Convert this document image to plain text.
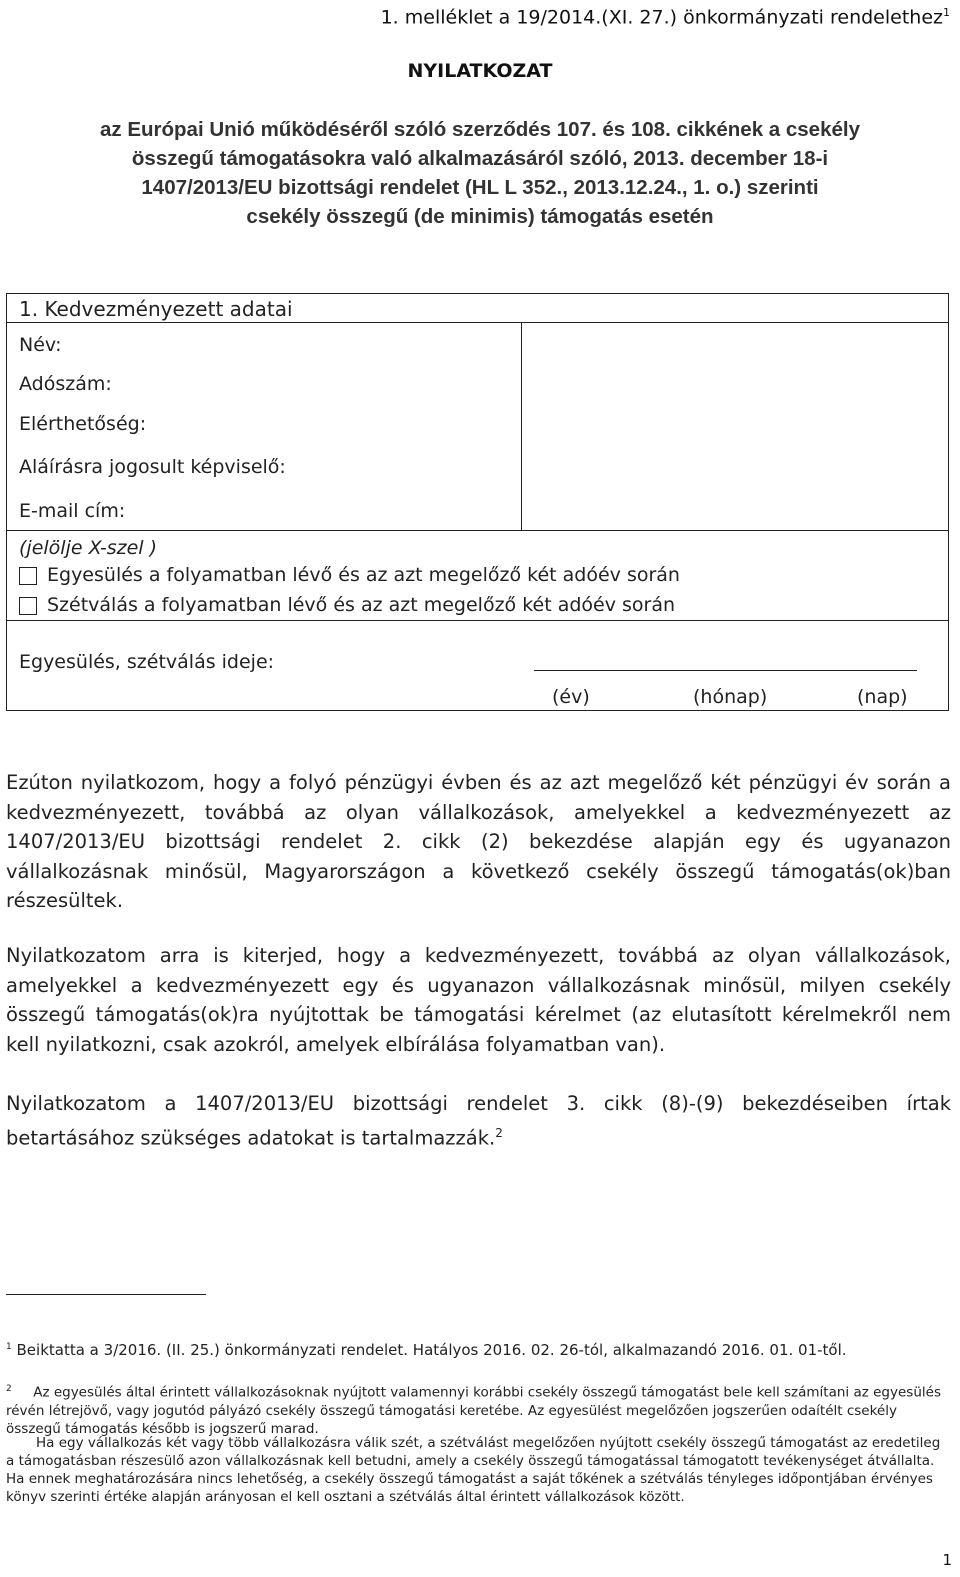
1. melléklet a 19/2014.(XI. 27.) önkormányzati rendelethez$^1$
NYILATKOZAT
az Európai Unió működéséről szóló szerződés 107. és 108. cikkének a csekély
összegű támogatásokra való alkalmazásáról szóló, 2013. december 18-i
1407/2013/EU bizottsági rendelet (HL L 352., 2013.12.24., 1. o.) szerinti
csekély összegű (de minimis) támogatás esetén
1. Kedvezményezett adatai
Név:
Adószám:
Elérthetőség:
Aláírásra jogosult képviselő:
E-mail cím:
(jelölje X-szel )
Egyesülés a folyamatban lévő és az azt megelőző két adóév során
Szétválás a folyamatban lévő és az azt megelőző két adóév során
Egyesülés, szétválás ideje:
(év)	(hónap)	(nap)
Ezúton nyilatkozom, hogy a folyó pénzügyi évben és az azt megelőző két pénzügyi év során a kedvezményezett, továbbá az olyan vállalkozások, amelyekkel a kedvezményezett az 1407/2013/EU bizottsági rendelet 2. cikk (2) bekezdése alapján egy és ugyanazon vállalkozásnak minősül, Magyarországon a következő csekély összegű támogatás(ok)ban részesültek.
Nyilatkozatom arra is kiterjed, hogy a kedvezményezett, továbbá az olyan vállalkozások, amelyekkel a kedvezményezett egy és ugyanazon vállalkozásnak minősül, milyen csekély összegű támogatás(ok)ra nyújtottak be támogatási kérelmet (az elutasított kérelmekről nem kell nyilatkozni, csak azokról, amelyek elbírálása folyamatban van).
Nyilatkozatom a 1407/2013/EU bizottsági rendelet 3. cikk (8)-(9) bekezdéseiben írtak betartásához szükséges adatokat is tartalmazzák.$^2$
$^1$ Beiktatta a 3/2016. (II. 25.) önkormányzati rendelet. Hatályos 2016. 02. 26-tól, alkalmazandó 2016. 01. 01-től.
$^2$ Az egyesülés által érintett vállalkozásoknak nyújtott valamennyi korábbi csekély összegű támogatást bele kell számítani az egyesülés révén létrejövő, vagy jogutód pályázó csekély összegű támogatási keretébe. Az egyesülést megelőzően jogszerűen odaítélt csekély összegű támogatás később is jogszerű marad.
Ha egy vállalkozás két vagy több vállalkozásra válik szét, a szétválást megelőzően nyújtott csekély összegű támogatást az eredetileg a támogatásban részesülő azon vállalkozásnak kell betudni, amely a csekély összegű támogatással támogatott tevékenységet átvállalta. Ha ennek meghatározására nincs lehetőség, a csekély összegű támogatást a saját tőkének a szétválás tényleges időpontjában érvényes könyv szerinti értéke alapján arányosan el kell osztani a szétválás által érintett vállalkozások között.
1
